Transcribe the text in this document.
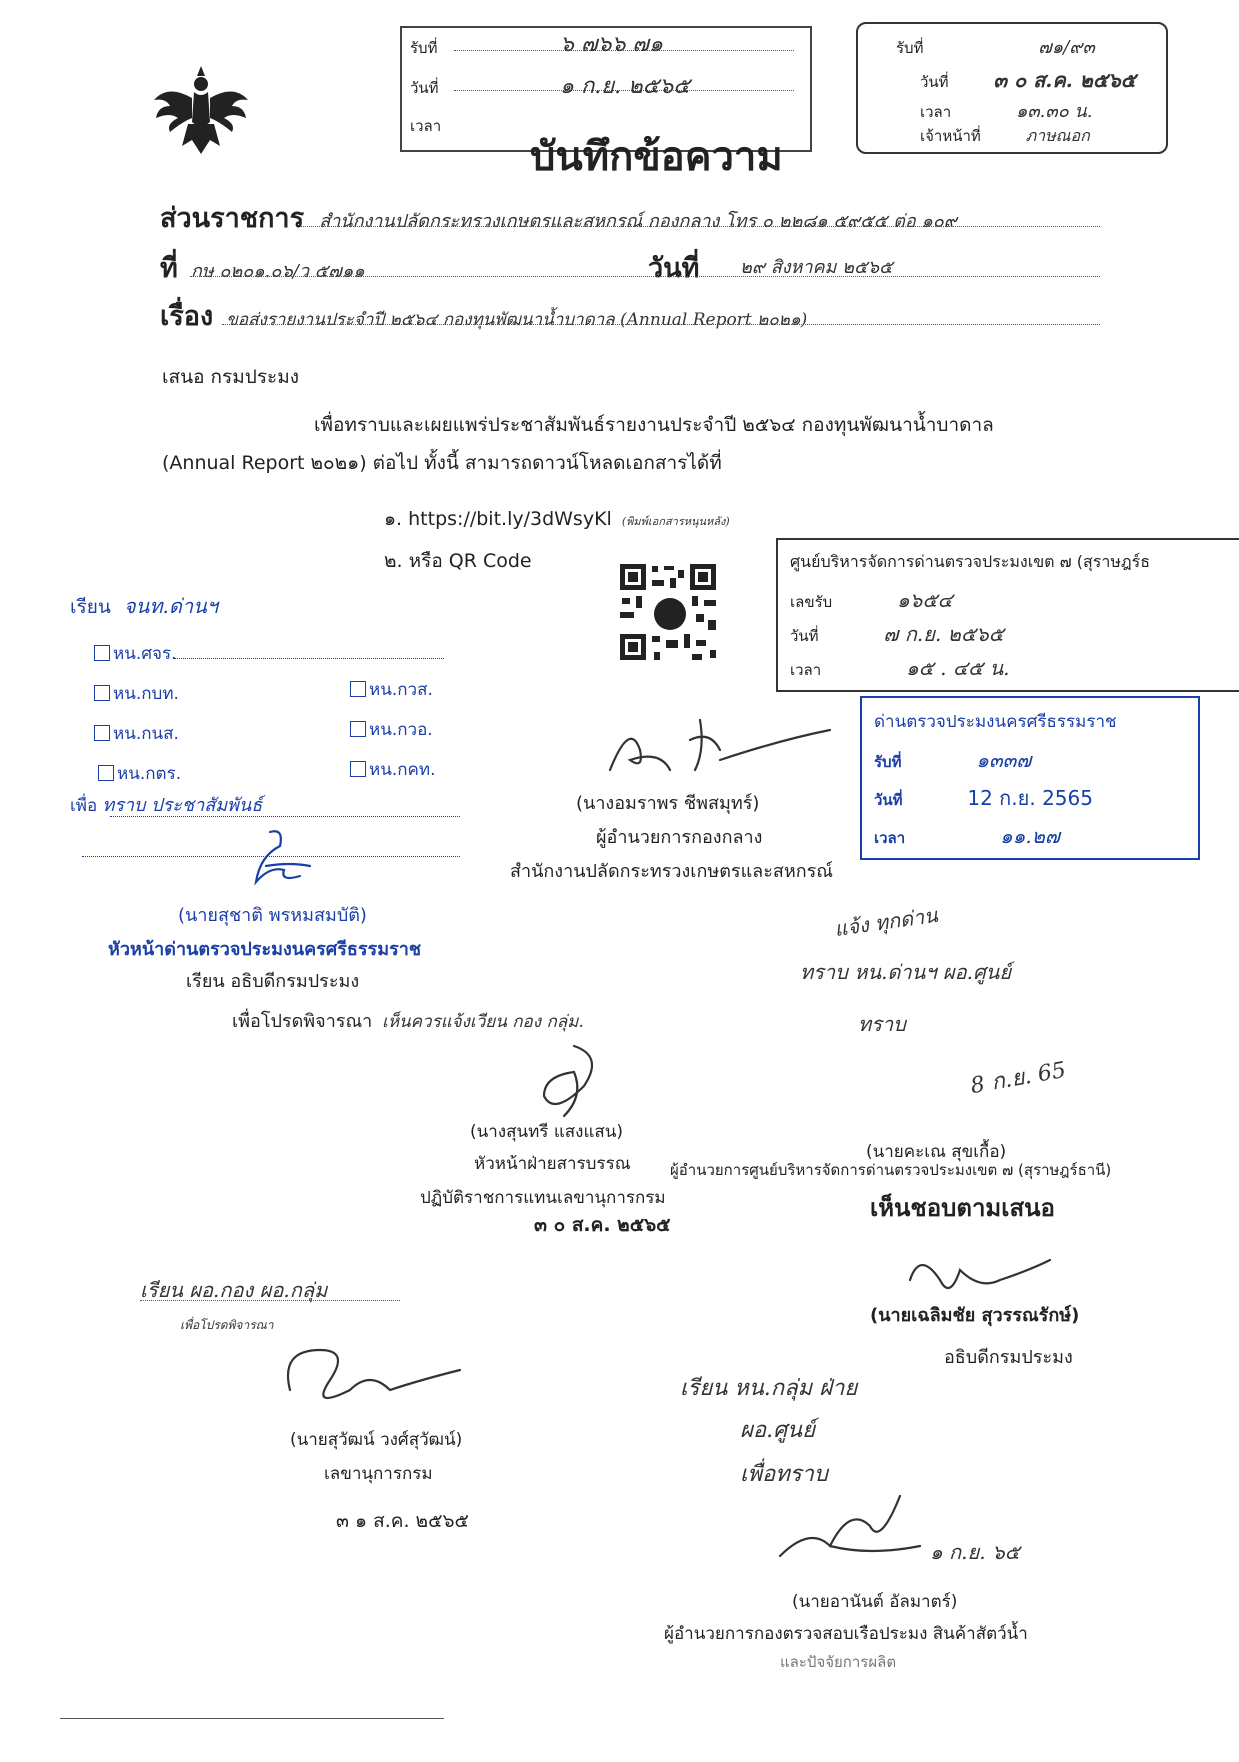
รับที่	๖ ๗๖๖ ๗๑
วันที่	๑ ก.ย. ๒๕๖๕
เวลา
บันทึกข้อความ
รับที่	๗๑/๙๓
วันที่ ๓ ๐ ส.ค. ๒๕๖๕
เวลา	๑๓.๓๐ น.
เจ้าหน้าที่	ภาษณอก
ส่วนราชการ สำนักงานปลัดกระทรวงเกษตรและสหกรณ์ กองกลาง โทร ๐ ๒๒๘๑ ๕๙๕๕ ต่อ ๑๐๙
ที่ กษ ๐๒๐๑.๐๖/ว ๕๗๑๑	วันที่ ๒๙ สิงหาคม ๒๕๖๕
เรื่อง ขอส่งรายงานประจำปี ๒๕๖๔ กองทุนพัฒนาน้ำบาดาล (Annual Report ๒๐๒๑)
เสนอ กรมประมง
เพื่อทราบและเผยแพร่ประชาสัมพันธ์รายงานประจำปี ๒๕๖๔ กองทุนพัฒนาน้ำบาดาล
(Annual Report ๒๐๒๑) ต่อไป ทั้งนี้ สามารถดาวน์โหลดเอกสารได้ที่
๑. https://bit.ly/3dWsyKl (พิมพ์เอกสารหนุนหลัง)
๒. หรือ QR Code
(นางอมราพร ชีพสมุทร์)
ผู้อำนวยการกองกลาง
สำนักงานปลัดกระทรวงเกษตรและสหกรณ์
ศูนย์บริหารจัดการด่านตรวจประมงเขต ๗ (สุราษฎร์ธ
เลขรับ	๑๖๕๔
วันที่	๗ ก.ย. ๒๕๖๕
เวลา	๑๕ . ๔๕ น.
ด่านตรวจประมงนครศรีธรรมราช
รับที่	๑๓๓๗
วันที่	12 ก.ย. 2565
เวลา	๑๑.๒๗
เรียน จนท.ด่านฯ
หน.ศจร.
หน.กบท.	หน.กวส.
หน.กนส.	หน.กวอ.
หน.กตร.	หน.กคท.
เพื่อ ทราบ ประชาสัมพันธ์
(นายสุชาติ พรหมสมบัติ)
หัวหน้าด่านตรวจประมงนครศรีธรรมราช
เรียน อธิบดีกรมประมง
เพื่อโปรดพิจารณา เห็นควรแจ้งเวียน กอง กลุ่ม.
(นางสุนทรี แสงแสน)
หัวหน้าฝ่ายสารบรรณ
ปฏิบัติราชการแทนเลขานุการกรม
๓ ๐ ส.ค. ๒๕๖๕
แจ้ง ทุกด่าน
ทราบ หน.ด่านฯ ผอ.ศูนย์
ทราบ
8 ก.ย. 65
(นายคะเณ สุขเกื้อ)
ผู้อำนวยการศูนย์บริหารจัดการด่านตรวจประมงเขต ๗ (สุราษฎร์ธานี)
เห็นชอบตามเสนอ
(นายเฉลิมชัย สุวรรณรักษ์)
อธิบดีกรมประมง
เรียน ผอ.กอง ผอ.กลุ่ม
เพื่อโปรดพิจารณา
(นายสุวัฒน์ วงศ์สุวัฒน์)
เลขานุการกรม
๓ ๑ ส.ค. ๒๕๖๕
เรียน หน.กลุ่ม ฝ่าย
ผอ.ศูนย์
เพื่อทราบ
๑ ก.ย. ๖๕
(นายอานันต์ อัลมาตร์)
ผู้อำนวยการกองตรวจสอบเรือประมง สินค้าสัตว์น้ำ
และปัจจัยการผลิต
